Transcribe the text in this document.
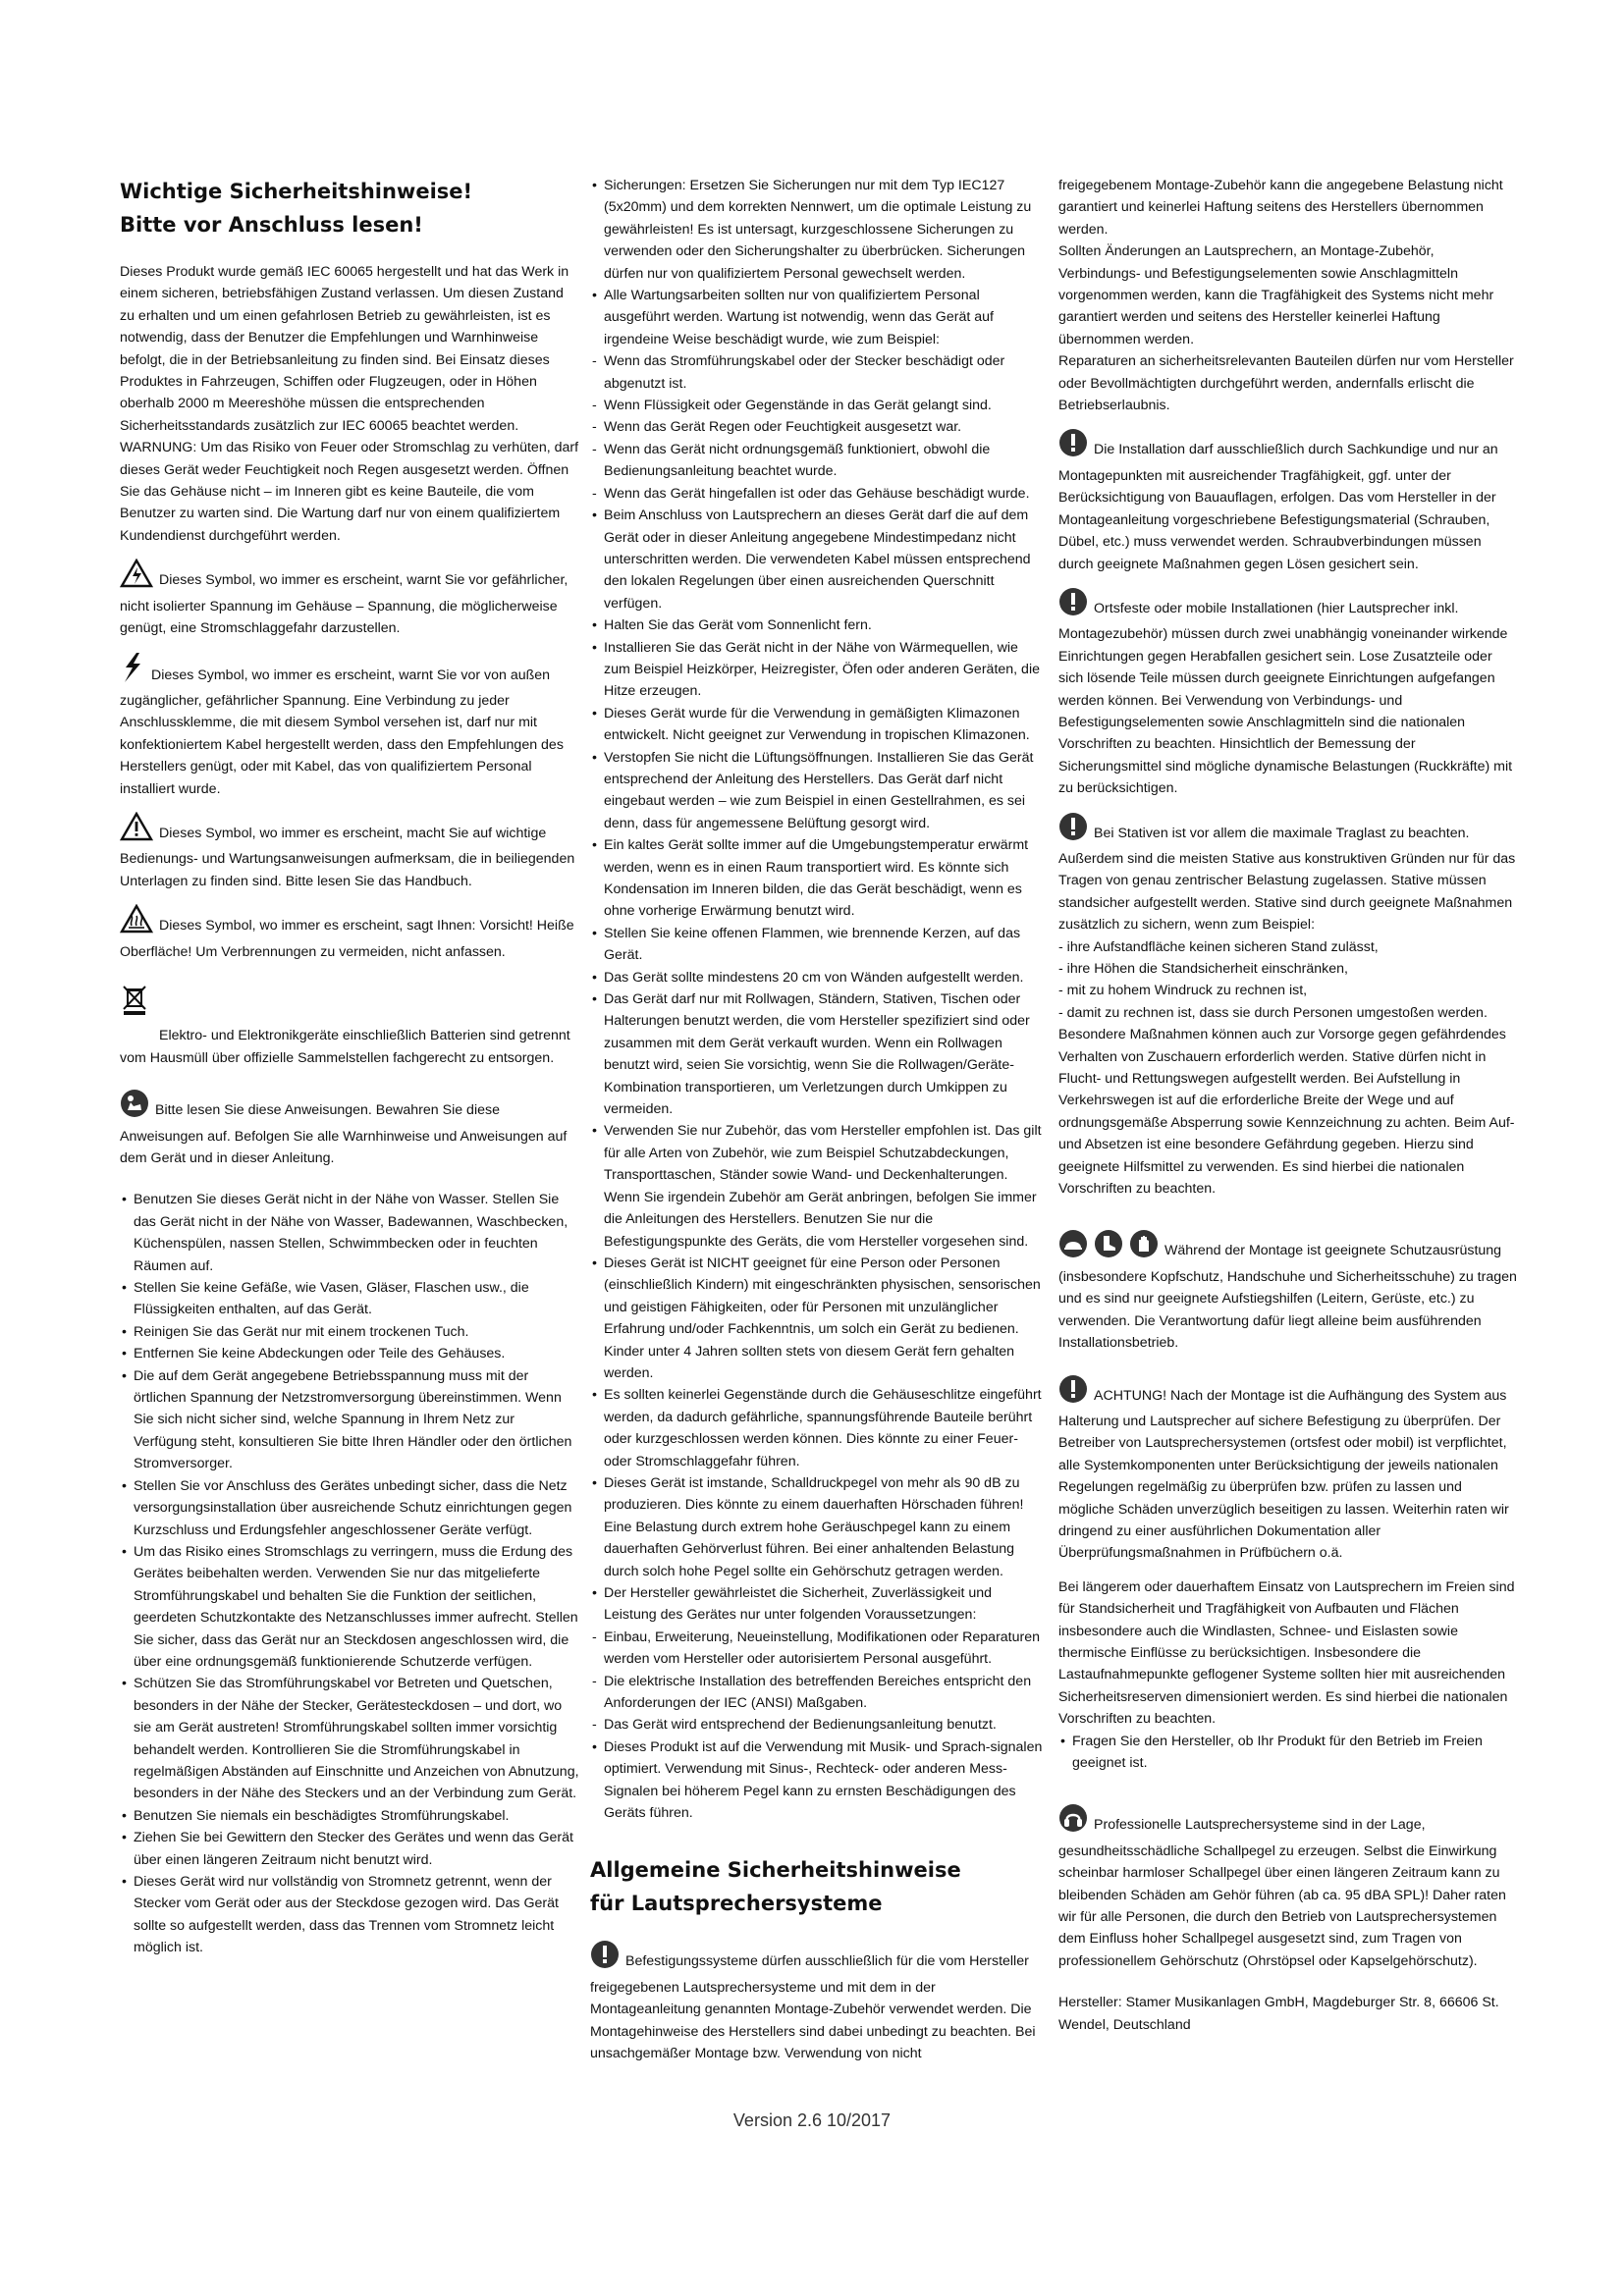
Wichtige Sicherheitshinweise!
Bitte vor Anschluss lesen!

Dieses Produkt wurde gemäß IEC 60065 hergestellt und hat das Werk in einem sicheren, betriebsfähigen Zustand verlassen. Um diesen Zustand zu erhalten und um einen gefahrlosen Betrieb zu gewährleisten, ist es notwendig, dass der Benutzer die Empfehlungen und Warnhinweise befolgt, die in der Betriebsanleitung zu finden sind. Bei Einsatz dieses Produktes in Fahrzeugen, Schiffen oder Flugzeugen, oder in Höhen oberhalb 2000 m Meereshöhe müssen die entsprechenden Sicherheitsstandards zusätzlich zur IEC 60065 beachtet werden.

WARNUNG: Um das Risiko von Feuer oder Stromschlag zu verhüten, darf dieses Gerät weder Feuchtigkeit noch Regen ausgesetzt werden. Öffnen Sie das Gehäuse nicht – im Inneren gibt es keine Bauteile, die vom Benutzer zu warten sind. Die Wartung darf nur von einem qualifiziertem Kundendienst durchgeführt werden.

Dieses Symbol, wo immer es erscheint, warnt Sie vor gefährlicher, nicht isolierter Spannung im Gehäuse – Spannung, die möglicherweise genügt, eine Stromschlaggefahr darzustellen.

Dieses Symbol, wo immer es erscheint, warnt Sie vor von außen zugänglicher, gefährlicher Spannung. Eine Verbindung zu jeder Anschlussklemme, die mit diesem Symbol versehen ist, darf nur mit konfektioniertem Kabel hergestellt werden, dass den Empfehlungen des Herstellers genügt, oder mit Kabel, das von qualifiziertem Personal installiert wurde.

Dieses Symbol, wo immer es erscheint, macht Sie auf wichtige Bedienungs- und Wartungsanweisungen aufmerksam, die in beiliegenden Unterlagen zu finden sind. Bitte lesen Sie das Handbuch.

Dieses Symbol, wo immer es erscheint, sagt Ihnen: Vorsicht! Heiße Oberfläche! Um Verbrennungen zu vermeiden, nicht anfassen.

Elektro- und Elektronikgeräte einschließlich Batterien sind getrennt vom Hausmüll über offizielle Sammelstellen fachgerecht zu entsorgen.

Bitte lesen Sie diese Anweisungen. Bewahren Sie diese Anweisungen auf. Befolgen Sie alle Warnhinweise und Anweisungen auf dem Gerät und in dieser Anleitung.

• Benutzen Sie dieses Gerät nicht in der Nähe von Wasser. Stellen Sie das Gerät nicht in der Nähe von Wasser, Badewannen, Waschbecken, Küchenspülen, nassen Stellen, Schwimmbecken oder in feuchten Räumen auf.
• Stellen Sie keine Gefäße, wie Vasen, Gläser, Flaschen usw., die Flüssigkeiten enthalten, auf das Gerät.
• Reinigen Sie das Gerät nur mit einem trockenen Tuch.
• Entfernen Sie keine Abdeckungen oder Teile des Gehäuses.
• Die auf dem Gerät angegebene Betriebsspannung muss mit der örtlichen Spannung der Netzstromversorgung übereinstimmen. Wenn Sie sich nicht sicher sind, welche Spannung in Ihrem Netz zur Verfügung steht, konsultieren Sie bitte Ihren Händler oder den örtlichen Stromversorger.
• Stellen Sie vor Anschluss des Gerätes unbedingt sicher, dass die Netz versorgungsinstallation über ausreichende Schutz einrichtungen gegen Kurzschluss und Erdungsfehler angeschlossener Geräte verfügt.
• Um das Risiko eines Stromschlags zu verringern, muss die Erdung des Gerätes beibehalten werden. Verwenden Sie nur das mitgelieferte Stromführungskabel und behalten Sie die Funktion der seitlichen, geerdeten Schutzkontakte des Netzanschlusses immer aufrecht. Stellen Sie sicher, dass das Gerät nur an Steckdosen angeschlossen wird, die über eine ordnungsgemäß funktionierende Schutzerde verfügen.
• Schützen Sie das Stromführungskabel vor Betreten und Quetschen, besonders in der Nähe der Stecker, Gerätesteckdosen – und dort, wo sie am Gerät austreten! Stromführungskabel sollten immer vorsichtig behandelt werden. Kontrollieren Sie die Stromführungskabel in regelmäßigen Abständen auf Einschnitte und Anzeichen von Abnutzung, besonders in der Nähe des Steckers und an der Verbindung zum Gerät.
• Benutzen Sie niemals ein beschädigtes Stromführungskabel.
• Ziehen Sie bei Gewittern den Stecker des Gerätes und wenn das Gerät über einen längeren Zeitraum nicht benutzt wird.
• Dieses Gerät wird nur vollständig von Stromnetz getrennt, wenn der Stecker vom Gerät oder aus der Steckdose gezogen wird. Das Gerät sollte so aufgestellt werden, dass das Trennen vom Stromnetz leicht möglich ist.
• Sicherungen: Ersetzen Sie Sicherungen nur mit dem Typ IEC127 (5x20mm) und dem korrekten Nennwert, um die optimale Leistung zu gewährleisten! Es ist untersagt, kurzgeschlossene Sicherungen zu verwenden oder den Sicherungshalter zu überbrücken. Sicherungen dürfen nur von qualifiziertem Personal gewechselt werden.
• Alle Wartungsarbeiten sollten nur von qualifiziertem Personal ausgeführt werden. Wartung ist notwendig, wenn das Gerät auf irgendeine Weise beschädigt wurde, wie zum Beispiel:
- Wenn das Stromführungskabel oder der Stecker beschädigt oder abgenutzt ist.
- Wenn Flüssigkeit oder Gegenstände in das Gerät gelangt sind.
- Wenn das Gerät Regen oder Feuchtigkeit ausgesetzt war.
- Wenn das Gerät nicht ordnungsgemäß funktioniert, obwohl die Bedienungsanleitung beachtet wurde.
- Wenn das Gerät hingefallen ist oder das Gehäuse beschädigt wurde.
• Beim Anschluss von Lautsprechern an dieses Gerät darf die auf dem Gerät oder in dieser Anleitung angegebene Mindestimpedanz nicht unterschritten werden. Die verwendeten Kabel müssen entsprechend den lokalen Regelungen über einen ausreichenden Querschnitt verfügen.
• Halten Sie das Gerät vom Sonnenlicht fern.
• Installieren Sie das Gerät nicht in der Nähe von Wärmequellen, wie zum Beispiel Heizkörper, Heizregister, Öfen oder anderen Geräten, die Hitze erzeugen.
• Dieses Gerät wurde für die Verwendung in gemäßigten Klimazonen entwickelt. Nicht geeignet zur Verwendung in tropischen Klimazonen.
• Verstopfen Sie nicht die Lüftungsöffnungen. Installieren Sie das Gerät entsprechend der Anleitung des Herstellers. Das Gerät darf nicht eingebaut werden – wie zum Beispiel in einen Gestellrahmen, es sei denn, dass für angemessene Belüftung gesorgt wird.
• Ein kaltes Gerät sollte immer auf die Umgebungstemperatur erwärmt werden, wenn es in einen Raum transportiert wird. Es könnte sich Kondensation im Inneren bilden, die das Gerät beschädigt, wenn es ohne vorherige Erwärmung benutzt wird.
• Stellen Sie keine offenen Flammen, wie brennende Kerzen, auf das Gerät.
• Das Gerät sollte mindestens 20 cm von Wänden aufgestellt werden.
• Das Gerät darf nur mit Rollwagen, Ständern, Stativen, Tischen oder Halterungen benutzt werden, die vom Hersteller spezifiziert sind oder zusammen mit dem Gerät verkauft wurden. Wenn ein Rollwagen benutzt wird, seien Sie vorsichtig, wenn Sie die Rollwagen/Geräte-Kombination transportieren, um Verletzungen durch Umkippen zu vermeiden.
• Verwenden Sie nur Zubehör, das vom Hersteller empfohlen ist. Das gilt für alle Arten von Zubehör, wie zum Beispiel Schutzabdeckungen, Transporttaschen, Ständer sowie Wand- und Deckenhalterungen. Wenn Sie irgendein Zubehör am Gerät anbringen, befolgen Sie immer die Anleitungen des Herstellers. Benutzen Sie nur die Befestigungspunkte des Geräts, die vom Hersteller vorgesehen sind.
• Dieses Gerät ist NICHT geeignet für eine Person oder Personen (einschließlich Kindern) mit eingeschränkten physischen, sensorischen und geistigen Fähigkeiten, oder für Personen mit unzulänglicher Erfahrung und/oder Fachkenntnis, um solch ein Gerät zu bedienen. Kinder unter 4 Jahren sollten stets von diesem Gerät fern gehalten werden.
• Es sollten keinerlei Gegenstände durch die Gehäuseschlitze eingeführt werden, da dadurch gefährliche, spannungsführende Bauteile berührt oder kurzgeschlossen werden können. Dies könnte zu einer Feuer- oder Stromschlaggefahr führen.
• Dieses Gerät ist imstande, Schalldruckpegel von mehr als 90 dB zu produzieren. Dies könnte zu einem dauerhaften Hörschaden führen! Eine Belastung durch extrem hohe Geräuschpegel kann zu einem dauerhaften Gehörverlust führen. Bei einer anhaltenden Belastung durch solch hohe Pegel sollte ein Gehörschutz getragen werden.
• Der Hersteller gewährleistet die Sicherheit, Zuverlässigkeit und Leistung des Gerätes nur unter folgenden Voraussetzungen:
- Einbau, Erweiterung, Neueinstellung, Modifikationen oder Reparaturen werden vom Hersteller oder autorisiertem Personal ausgeführt.
- Die elektrische Installation des betreffenden Bereiches entspricht den Anforderungen der IEC (ANSI) Maßgaben.
- Das Gerät wird entsprechend der Bedienungsanleitung benutzt.
• Dieses Produkt ist auf die Verwendung mit Musik- und Sprach-signalen optimiert. Verwendung mit Sinus-, Rechteck- oder anderen Mess-Signalen bei höherem Pegel kann zu ernsten Beschädigungen des Geräts führen.
Allgemeine Sicherheitshinweise
für Lautsprechersysteme

Befestigungssysteme dürfen ausschließlich für die vom Hersteller freigegebenen Lautsprechersysteme und mit dem in der Montageanleitung genannten Montage-Zubehör verwendet werden. Die Montagehinweise des Herstellers sind dabei unbedingt zu beachten. Bei unsachgemäßer Montage bzw. Verwendung von nicht

freigegebenem Montage-Zubehör kann die angegebene Belastung nicht garantiert und keinerlei Haftung seitens des Herstellers übernommen werden.

Sollten Änderungen an Lautsprechern, an Montage-Zubehör, Verbindungs- und Befestigungselementen sowie Anschlagmitteln vorgenommen werden, kann die Tragfähigkeit des Systems nicht mehr garantiert werden und seitens des Hersteller keinerlei Haftung übernommen werden.

Reparaturen an sicherheitsrelevanten Bauteilen dürfen nur vom Hersteller oder Bevollmächtigten durchgeführt werden, andernfalls erlischt die Betriebserlaubnis.

Die Installation darf ausschließlich durch Sachkundige und nur an Montagepunkten mit ausreichender Tragfähigkeit, ggf. unter der Berücksichtigung von Bauauflagen, erfolgen. Das vom Hersteller in der Montageanleitung vorgeschriebene Befestigungsmaterial (Schrauben, Dübel, etc.) muss verwendet werden. Schraubverbindungen müssen durch geeignete Maßnahmen gegen Lösen gesichert sein.

Ortsfeste oder mobile Installationen (hier Lautsprecher inkl. Montagezubehör) müssen durch zwei unabhängig voneinander wirkende Einrichtungen gegen Herabfallen gesichert sein. Lose Zusatzteile oder sich lösende Teile müssen durch geeignete Einrichtungen aufgefangen werden können. Bei Verwendung von Verbindungs- und Befestigungselementen sowie Anschlagmitteln sind die nationalen Vorschriften zu beachten. Hinsichtlich der Bemessung der Sicherungsmittel sind mögliche dynamische Belastungen (Ruckkräfte) mit zu berücksichtigen.

Bei Stativen ist vor allem die maximale Traglast zu beachten. Außerdem sind die meisten Stative aus konstruktiven Gründen nur für das Tragen von genau zentrischer Belastung zugelassen. Stative müssen standsicher aufgestellt werden. Stative sind durch geeignete Maßnahmen zusätzlich zu sichern, wenn zum Beispiel:

- ihre Aufstandfläche keinen sicheren Stand zulässt,

- ihre Höhen die Standsicherheit einschränken,

- mit zu hohem Windruck zu rechnen ist,

- damit zu rechnen ist, dass sie durch Personen umgestoßen werden.

Besondere Maßnahmen können auch zur Vorsorge gegen gefährdendes Verhalten von Zuschauern erforderlich werden. Stative dürfen nicht in Flucht- und Rettungswegen aufgestellt werden. Bei Aufstellung in Verkehrswegen ist auf die erforderliche Breite der Wege und auf ordnungsgemäße Absperrung sowie Kennzeichnung zu achten. Beim Auf- und Absetzen ist eine besondere Gefährdung gegeben. Hierzu sind geeignete Hilfsmittel zu verwenden. Es sind hierbei die nationalen Vorschriften zu beachten.

Während der Montage ist geeignete Schutzausrüstung (insbesondere Kopfschutz, Handschuhe und Sicherheitsschuhe) zu tragen und es sind nur geeignete Aufstiegshilfen (Leitern, Gerüste, etc.) zu verwenden. Die Verantwortung dafür liegt alleine beim ausführenden Installationsbetrieb.

ACHTUNG! Nach der Montage ist die Aufhängung des System aus Halterung und Lautsprecher auf sichere Befestigung zu überprüfen. Der Betreiber von Lautsprechersystemen (ortsfest oder mobil) ist verpflichtet, alle Systemkomponenten unter Berücksichtigung der jeweils nationalen Regelungen regelmäßig zu überprüfen bzw. prüfen zu lassen und mögliche Schäden unverzüglich beseitigen zu lassen. Weiterhin raten wir dringend zu einer ausführlichen Dokumentation aller Überprüfungsmaßnahmen in Prüfbüchern o.ä.

Bei längerem oder dauerhaftem Einsatz von Lautsprechern im Freien sind für Standsicherheit und Tragfähigkeit von Aufbauten und Flächen insbesondere auch die Windlasten, Schnee- und Eislasten sowie thermische Einflüsse zu berücksichtigen. Insbesondere die Lastaufnahmepunkte geflogener Systeme sollten hier mit ausreichenden Sicherheitsreserven dimensioniert werden. Es sind hierbei die nationalen Vorschriften zu beachten.

• Fragen Sie den Hersteller, ob Ihr Produkt für den Betrieb im Freien geeignet ist.

Professionelle Lautsprechersysteme sind in der Lage, gesundheitsschädliche Schallpegel zu erzeugen. Selbst die Einwirkung scheinbar harmloser Schallpegel über einen längeren Zeitraum kann zu bleibenden Schäden am Gehör führen (ab ca. 95 dBA SPL)! Daher raten wir für alle Personen, die durch den Betrieb von Lautsprechersystemen dem Einfluss hoher Schallpegel ausgesetzt sind, zum Tragen von professionellem Gehörschutz (Ohrstöpsel oder Kapselgehörschutz).

Hersteller: Stamer Musikanlagen GmbH, Magdeburger Str. 8, 66606 St. Wendel, Deutschland

Version 2.6 10/2017
